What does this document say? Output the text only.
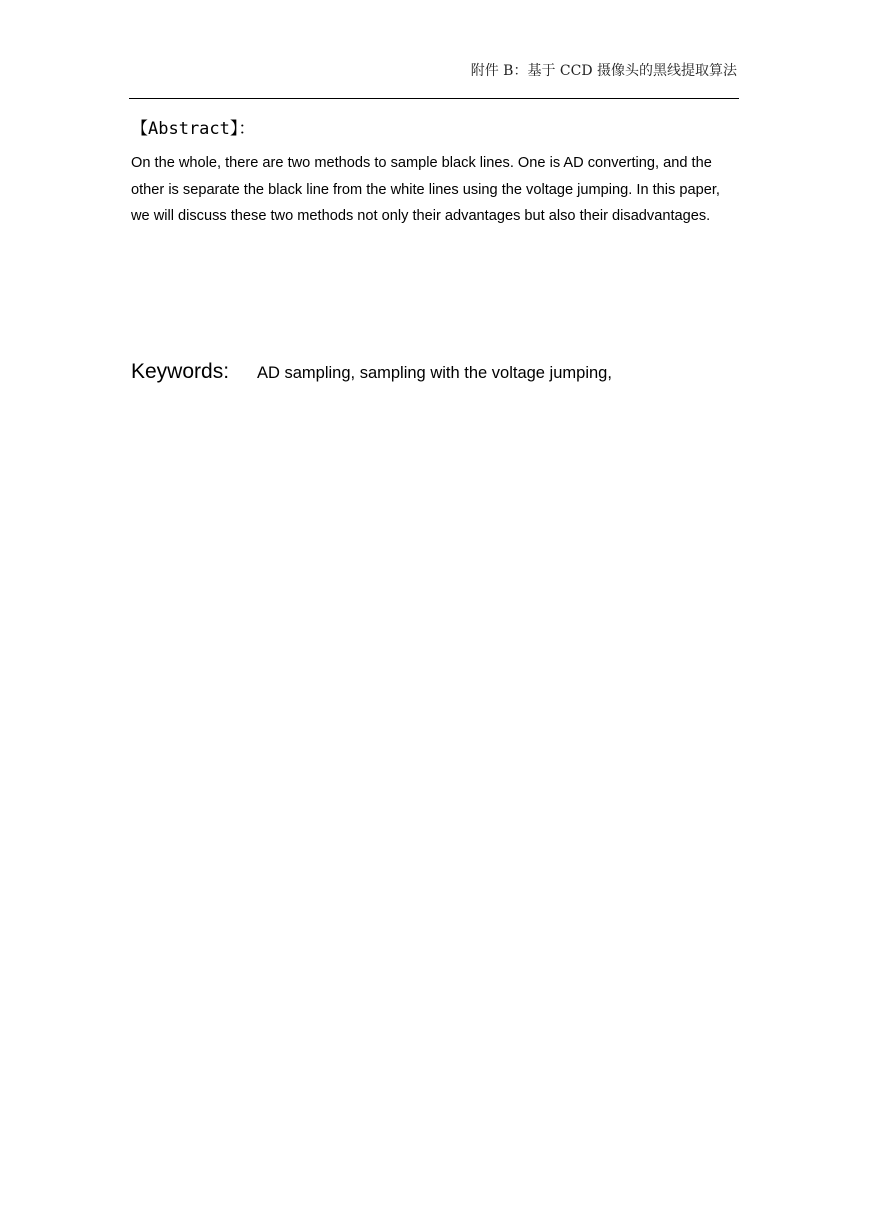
附件 B：基于 CCD 摄像头的黑线提取算法
【Abstract】：

On the whole, there are two methods to sample black lines. One is AD converting, and the other is separate the black line from the white lines using the voltage jumping. In this paper, we will discuss these two methods not only their advantages but also their disadvantages.

Keywords: AD sampling, sampling with the voltage jumping,
